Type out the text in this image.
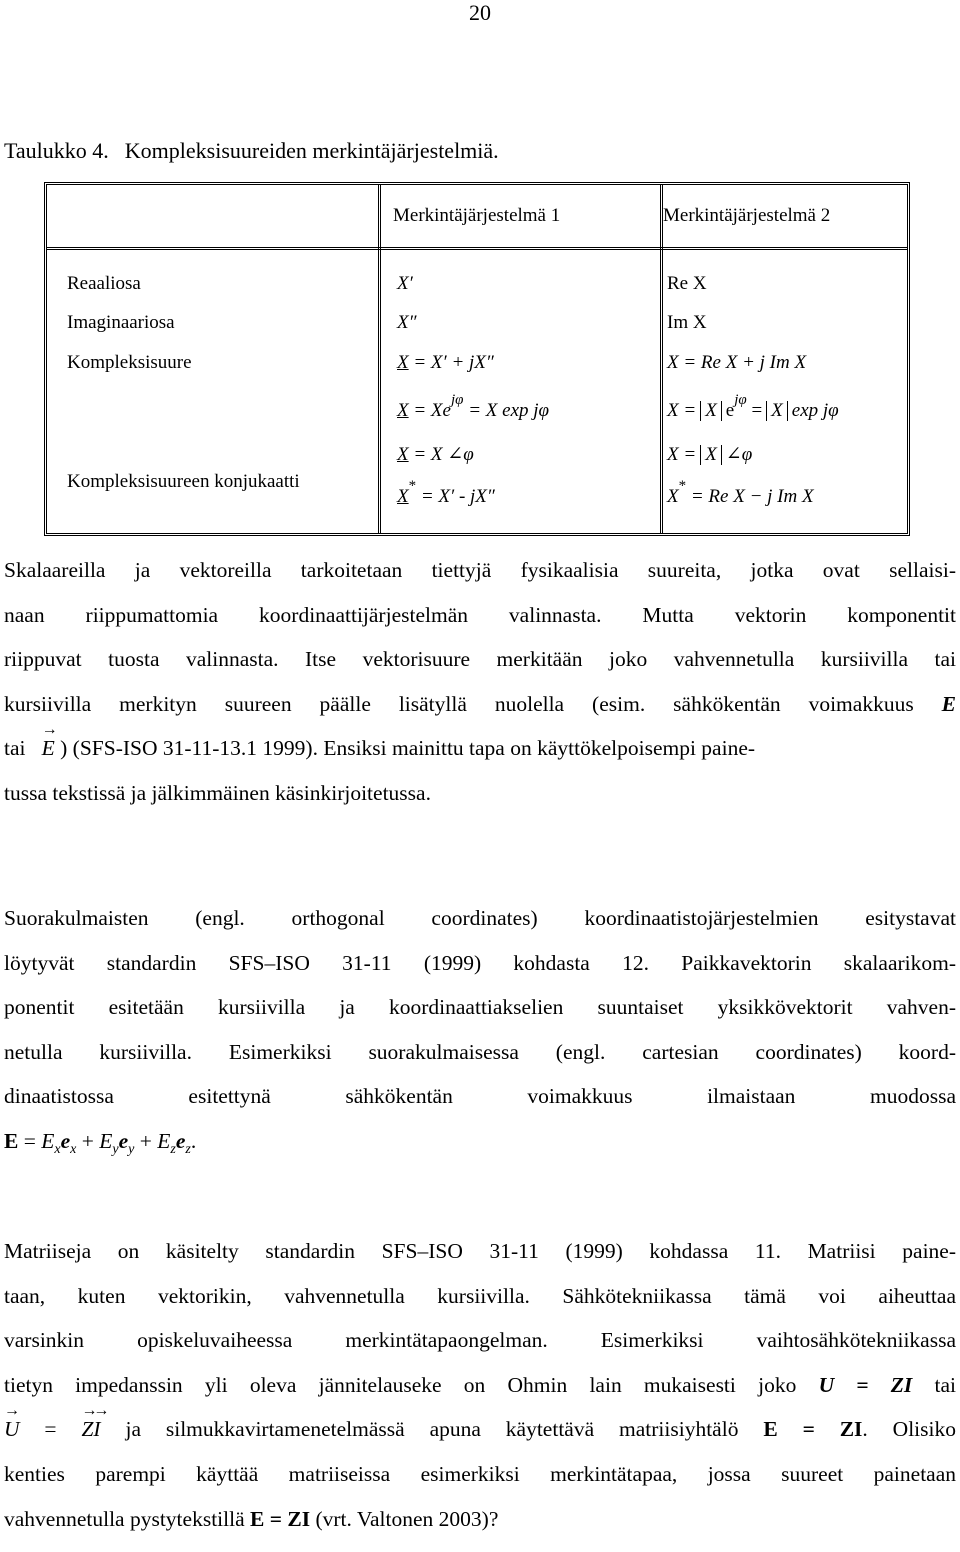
20
Taulukko 4. Kompleksisuureiden merkintäjärjestelmiä.
Merkintäjärjestelmä 1	Merkintäjärjestelmä 2
Reaaliosa
Imaginaariosa
Kompleksisuure
Kompleksisuureen konjukaatti
X′
X″
X = X′ + jX″
$X = Xe^{j\varphi} = X$ exp jφ
X = X ∠φ
X* = X′ - jX″
Re X
Im X
X = Re X + j Im X
X = X $e^{j\varphi} = X$ exp jφ
X = X ∠φ
X* = Re X − j Im X
Skalaareilla ja vektoreilla tarkoitetaan tiettyjä fysikaalisia suureita, jotka ovat sellaisi-
naan riippumattomia koordinaattijärjestelmän valinnasta. Mutta vektorin komponentit
riippuvat tuosta valinnasta. Itse vektorisuure merkitään joko vahvennetulla kursiivilla tai
kursiivilla merkityn suureen päälle lisätyllä nuolella (esim. sähkökentän voimakkuus E
tai   → E ) (SFS-ISO 31-11-13.1 1999). Ensiksi mainittu tapa on käyttökelpoisempi paine-
tussa tekstissä ja jälkimmäinen käsinkirjoitetussa.
Suorakulmaisten (engl. orthogonal coordinates) koordinaatistojärjestelmien esitystavat
löytyvät standardin SFS–ISO 31-11 (1999) kohdasta 12. Paikkavektorin skalaarikom-
ponentit esitetään kursiivilla ja koordinaattiakselien suuntaiset yksikkövektorit vahven-
netulla kursiivilla. Esimerkiksi suorakulmaisessa (engl. cartesian coordinates) koord-
dinaatistossa esitettynä sähkökentän voimakkuus ilmaistaan muodossa
$E = E_xe_x + E_ye_y + E_ze_z$.
Matriiseja on käsitelty standardin SFS–ISO 31-11 (1999) kohdassa 11. Matriisi paine-
taan, kuten vektorikin, vahvennetulla kursiivilla. Sähkötekniikassa tämä voi aiheuttaa
varsinkin opiskeluvaiheessa merkintätapaongelman. Esimerkiksi vaihtosähkötekniikassa
tietyn impedanssin yli oleva jännitelauseke on Ohmin lain mukaisesti joko U = ZI tai
→ U = → Z→ I ja silmukkavirtamenetelmässä apuna käytettävä matriisiyhtälö E = ZI. Olisiko
kenties parempi käyttää matriiseissa esimerkiksi merkintätapaa, jossa suureet painetaan
vahvennetulla pystytekstillä E = ZI (vrt. Valtonen 2003)?
